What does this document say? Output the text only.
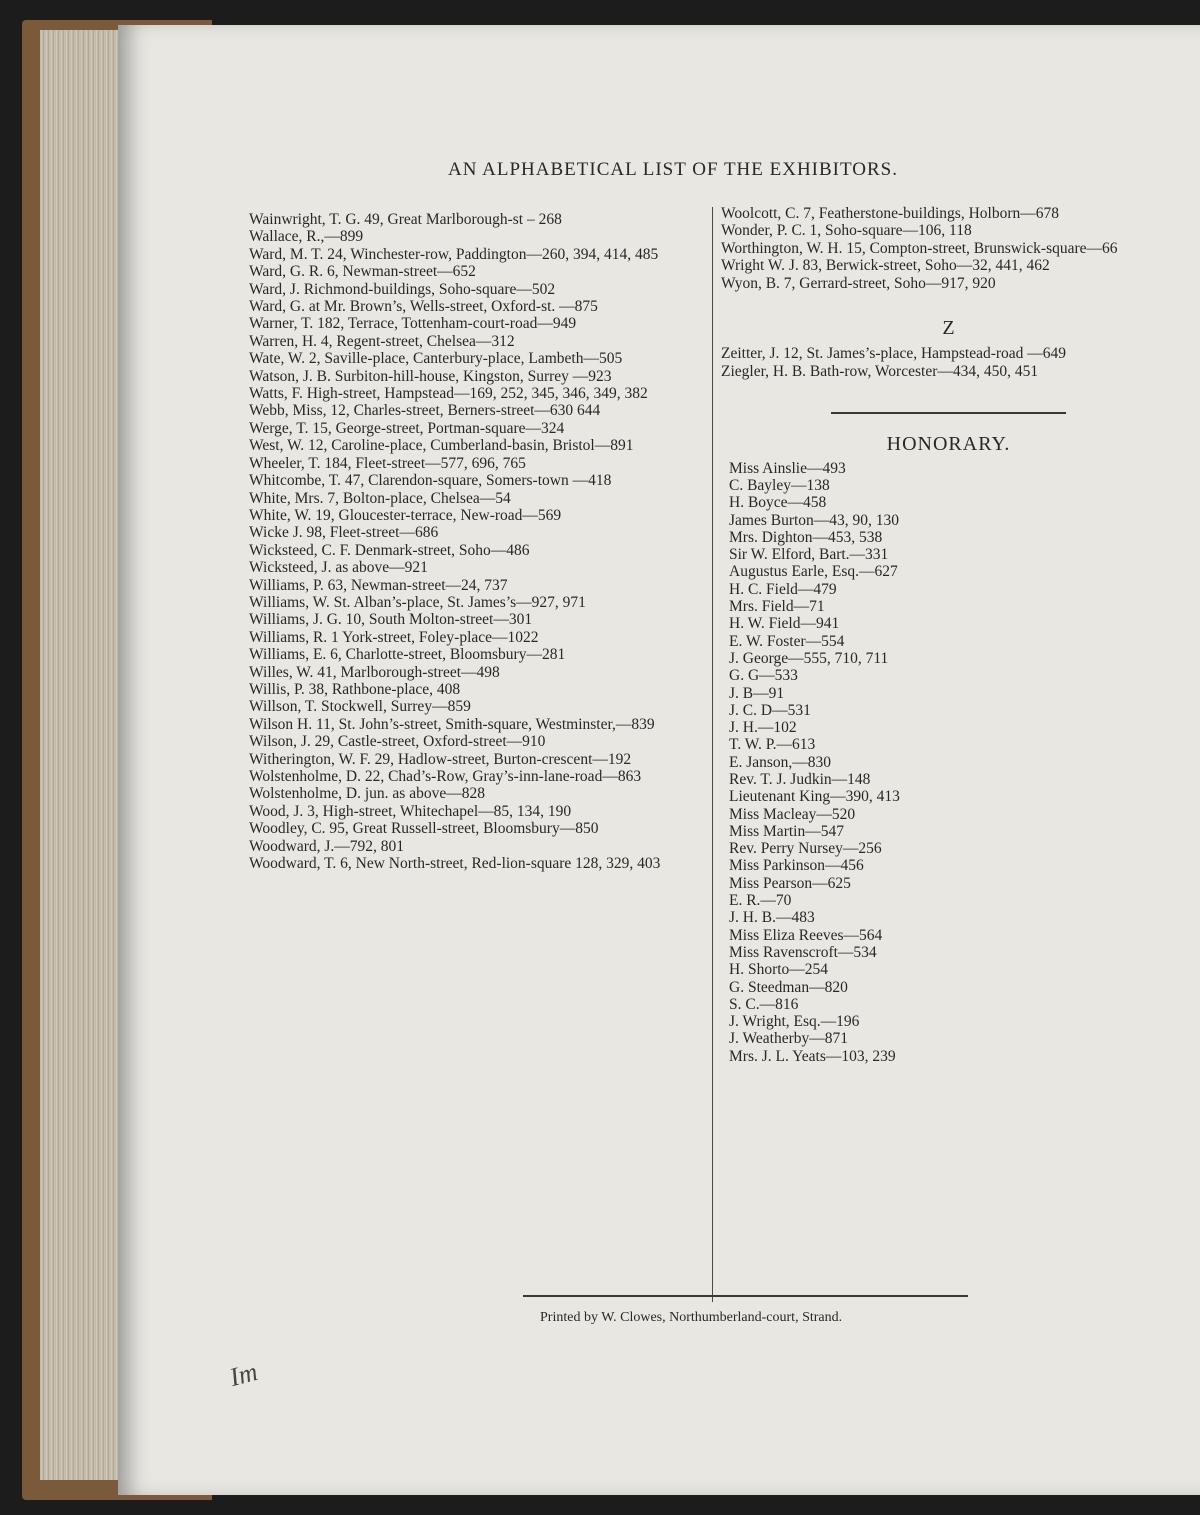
AN ALPHABETICAL LIST OF THE EXHIBITORS.
Wainwright, T. G. 49, Great Marlborough-st – 268
Wallace, R.,—899
Ward, M. T. 24, Winchester-row, Paddington—260, 394, 414, 485
Ward, G. R. 6, Newman-street—652
Ward, J. Richmond-buildings, Soho-square—502
Ward, G. at Mr. Brown’s, Wells-street, Oxford-st. —875
Warner, T. 182, Terrace, Tottenham-court-road—949
Warren, H. 4, Regent-street, Chelsea—312
Wate, W. 2, Saville-place, Canterbury-place, Lambeth—505
Watson, J. B. Surbiton-hill-house, Kingston, Surrey —923
Watts, F. High-street, Hampstead—169, 252, 345, 346, 349, 382
Webb, Miss, 12, Charles-street, Berners-street—630 644
Werge, T. 15, George-street, Portman-square—324
West, W. 12, Caroline-place, Cumberland-basin, Bristol—891
Wheeler, T. 184, Fleet-street—577, 696, 765
Whitcombe, T. 47, Clarendon-square, Somers-town —418
White, Mrs. 7, Bolton-place, Chelsea—54
White, W. 19, Gloucester-terrace, New-road—569
Wicke J. 98, Fleet-street—686
Wicksteed, C. F. Denmark-street, Soho—486
Wicksteed, J. as above—921
Williams, P. 63, Newman-street—24, 737
Williams, W. St. Alban’s-place, St. James’s—927, 971
Williams, J. G. 10, South Molton-street—301
Williams, R. 1 York-street, Foley-place—1022
Williams, E. 6, Charlotte-street, Bloomsbury—281
Willes, W. 41, Marlborough-street—498
Willis, P. 38, Rathbone-place, 408
Willson, T. Stockwell, Surrey—859
Wilson H. 11, St. John’s-street, Smith-square, Westminster,—839
Wilson, J. 29, Castle-street, Oxford-street—910
Witherington, W. F. 29, Hadlow-street, Burton-crescent—192
Wolstenholme, D. 22, Chad’s-Row, Gray’s-inn-lane-road—863
Wolstenholme, D. jun. as above—828
Wood, J. 3, High-street, Whitechapel—85, 134, 190
Woodley, C. 95, Great Russell-street, Bloomsbury—850
Woodward, J.—792, 801
Woodward, T. 6, New North-street, Red-lion-square 128, 329, 403
Woolcott, C. 7, Featherstone-buildings, Holborn—678
Wonder, P. C. 1, Soho-square—106, 118
Worthington, W. H. 15, Compton-street, Brunswick-square—66
Wright W. J. 83, Berwick-street, Soho—32, 441, 462
Wyon, B. 7, Gerrard-street, Soho—917, 920
Z
Zeitter, J. 12, St. James’s-place, Hampstead-road —649
Ziegler, H. B. Bath-row, Worcester—434, 450, 451
HONORARY.
Miss Ainslie—493
C. Bayley—138
H. Boyce—458
James Burton—43, 90, 130
Mrs. Dighton—453, 538
Sir W. Elford, Bart.—331
Augustus Earle, Esq.—627
H. C. Field—479
Mrs. Field—71
H. W. Field—941
E. W. Foster—554
J. George—555, 710, 711
G. G—533
J. B—91
J. C. D—531
J. H.—102
T. W. P.—613
E. Janson,—830
Rev. T. J. Judkin—148
Lieutenant King—390, 413
Miss Macleay—520
Miss Martin—547
Rev. Perry Nursey—256
Miss Parkinson—456
Miss Pearson—625
E. R.—70
J. H. B.—483
Miss Eliza Reeves—564
Miss Ravenscroft—534
H. Shorto—254
G. Steedman—820
S. C.—816
J. Wright, Esq.—196
J. Weatherby—871
Mrs. J. L. Yeats—103, 239
Printed by W. Clowes, Northumberland-court, Strand.
Im
